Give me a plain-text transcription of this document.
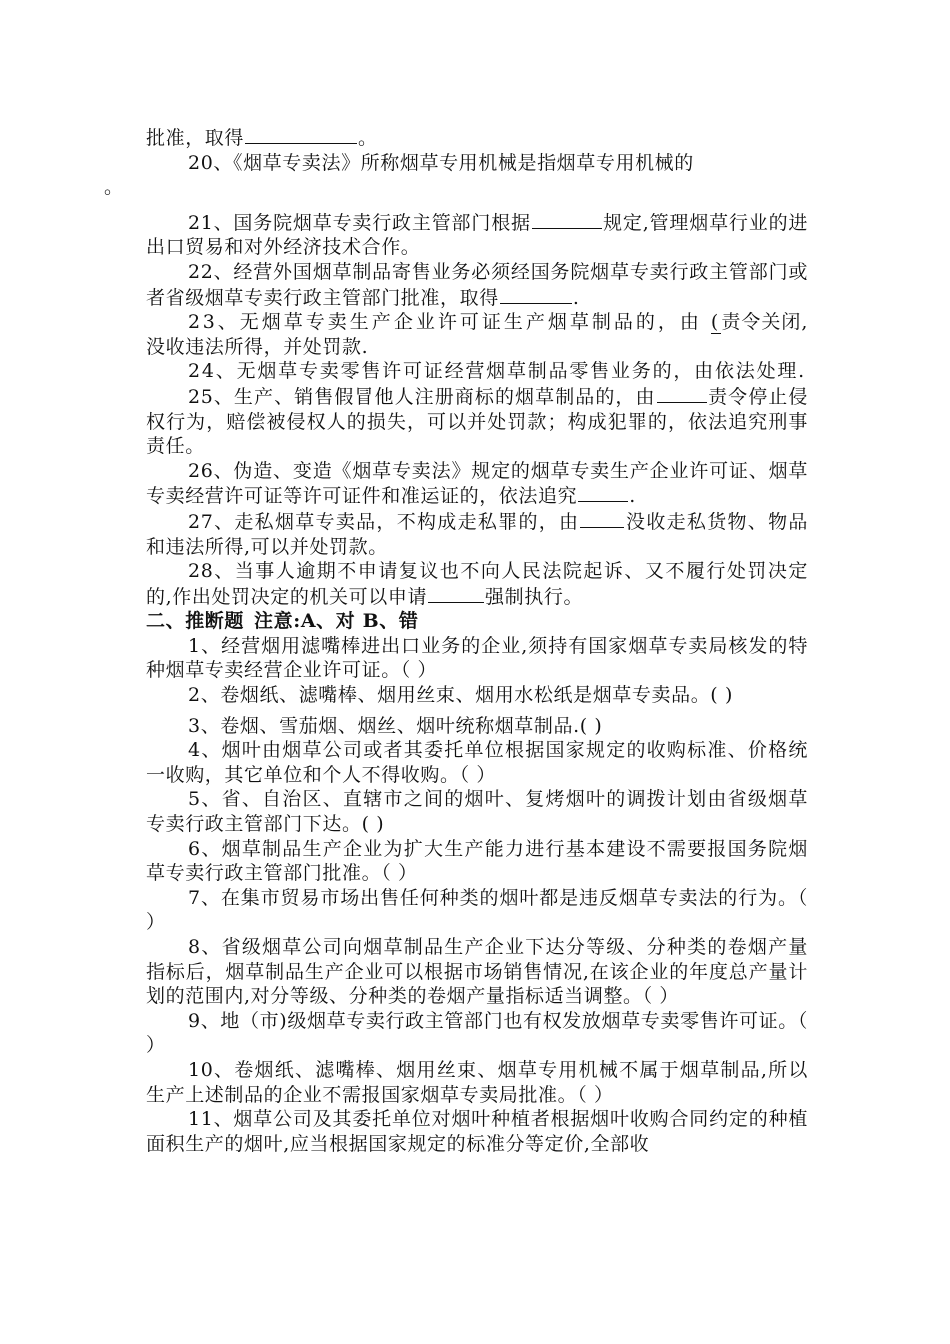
批准，取得	。

20、《烟草专卖法》所称烟草专用机械是指烟草专用机械的
。

21、国务院烟草专卖行政主管部门根据	规定,管理烟草行业的进出口贸易和对外经济技术合作。

22、经营外国烟草制品寄售业务必须经国务院烟草专卖行政主管部门或者省级烟草专卖行政主管部门批准，取得	.

23、无烟草专卖生产企业许可证生产烟草制品的，由 (责令关闭,没收违法所得，并处罚款.

24、无烟草专卖零售许可证经营烟草制品零售业务的，由依法处理.

25、生产、销售假冒他人注册商标的烟草制品的，由	责令停止侵权行为，赔偿被侵权人的损失，可以并处罚款；构成犯罪的，依法追究刑事责任。

26、伪造、变造《烟草专卖法》规定的烟草专卖生产企业许可证、烟草专卖经营许可证等许可证件和准运证的，依法追究	.

27、走私烟草专卖品，不构成走私罪的，由 没收走私货物、物品和违法所得,可以并处罚款。

28、当事人逾期不申请复议也不向人民法院起诉、又不履行处罚决定的,作出处罚决定的机关可以申请	强制执行。

二、推断题 注意:A、对 B、错

1、经营烟用滤嘴棒进出口业务的企业,须持有国家烟草专卖局核发的特种烟草专卖经营企业许可证。（ ）

2、卷烟纸、滤嘴棒、烟用丝束、烟用水松纸是烟草专卖品。( )

3、卷烟、雪茄烟、烟丝、烟叶统称烟草制品.( )

4、烟叶由烟草公司或者其委托单位根据国家规定的收购标准、价格统一收购，其它单位和个人不得收购。（ ）

5、省、自治区、直辖市之间的烟叶、复烤烟叶的调拨计划由省级烟草专卖行政主管部门下达。( )

6、烟草制品生产企业为扩大生产能力进行基本建设不需要报国务院烟草专卖行政主管部门批准。（ ）

7、在集市贸易市场出售任何种类的烟叶都是违反烟草专卖法的行为。（ ）

8、省级烟草公司向烟草制品生产企业下达分等级、分种类的卷烟产量指标后，烟草制品生产企业可以根据市场销售情况,在该企业的年度总产量计划的范围内,对分等级、分种类的卷烟产量指标适当调整。（ ）

9、地（市)级烟草专卖行政主管部门也有权发放烟草专卖零售许可证。（ ）

10、卷烟纸、滤嘴棒、烟用丝束、烟草专用机械不属于烟草制品,所以生产上述制品的企业不需报国家烟草专卖局批准。（ ）

11、烟草公司及其委托单位对烟叶种植者根据烟叶收购合同约定的种植面积生产的烟叶,应当根据国家规定的标准分等定价,全部收
